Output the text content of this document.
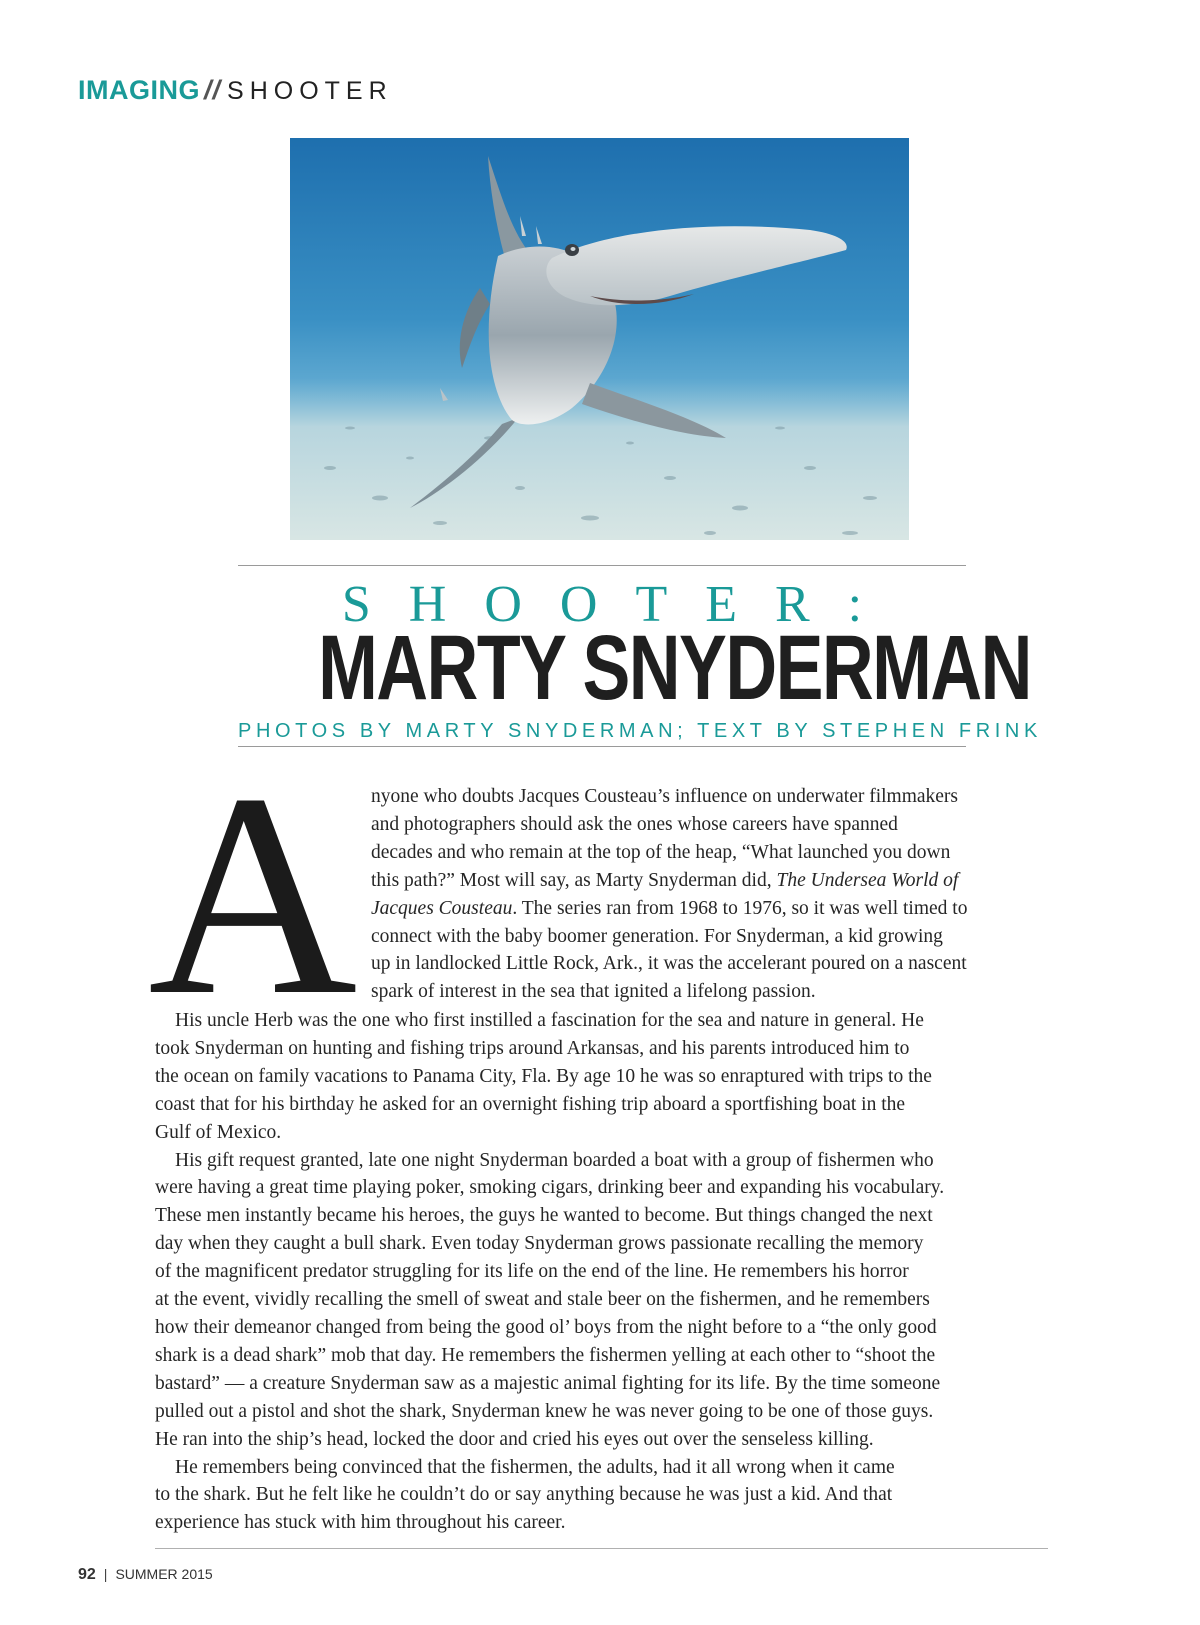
IMAGING // SHOOTER
SHOOTER:
MARTY SNYDERMAN
PHOTOS BY MARTY SNYDERMAN; TEXT BY STEPHEN FRINK
A nyone who doubts Jacques Cousteau’s influence on underwater filmmakers
and photographers should ask the ones whose careers have spanned
decades and who remain at the top of the heap, “What launched you down
this path?” Most will say, as Marty Snyderman did, The Undersea World of
Jacques Cousteau. The series ran from 1968 to 1976, so it was well timed to
connect with the baby boomer generation. For Snyderman, a kid growing
up in landlocked Little Rock, Ark., it was the accelerant poured on a nascent
spark of interest in the sea that ignited a lifelong passion.
His uncle Herb was the one who first instilled a fascination for the sea and nature in general. He
took Snyderman on hunting and fishing trips around Arkansas, and his parents introduced him to
the ocean on family vacations to Panama City, Fla. By age 10 he was so enraptured with trips to the
coast that for his birthday he asked for an overnight fishing trip aboard a sportfishing boat in the
Gulf of Mexico.
His gift request granted, late one night Snyderman boarded a boat with a group of fishermen who
were having a great time playing poker, smoking cigars, drinking beer and expanding his vocabulary.
These men instantly became his heroes, the guys he wanted to become. But things changed the next
day when they caught a bull shark. Even today Snyderman grows passionate recalling the memory
of the magnificent predator struggling for its life on the end of the line. He remembers his horror
at the event, vividly recalling the smell of sweat and stale beer on the fishermen, and he remembers
how their demeanor changed from being the good ol’ boys from the night before to a “the only good
shark is a dead shark” mob that day. He remembers the fishermen yelling at each other to “shoot the
bastard” — a creature Snyderman saw as a majestic animal fighting for its life. By the time someone
pulled out a pistol and shot the shark, Snyderman knew he was never going to be one of those guys.
He ran into the ship’s head, locked the door and cried his eyes out over the senseless killing.
He remembers being convinced that the fishermen, the adults, had it all wrong when it came
to the shark. But he felt like he couldn’t do or say anything because he was just a kid. And that
experience has stuck with him throughout his career.
92 | SUMMER 2015
